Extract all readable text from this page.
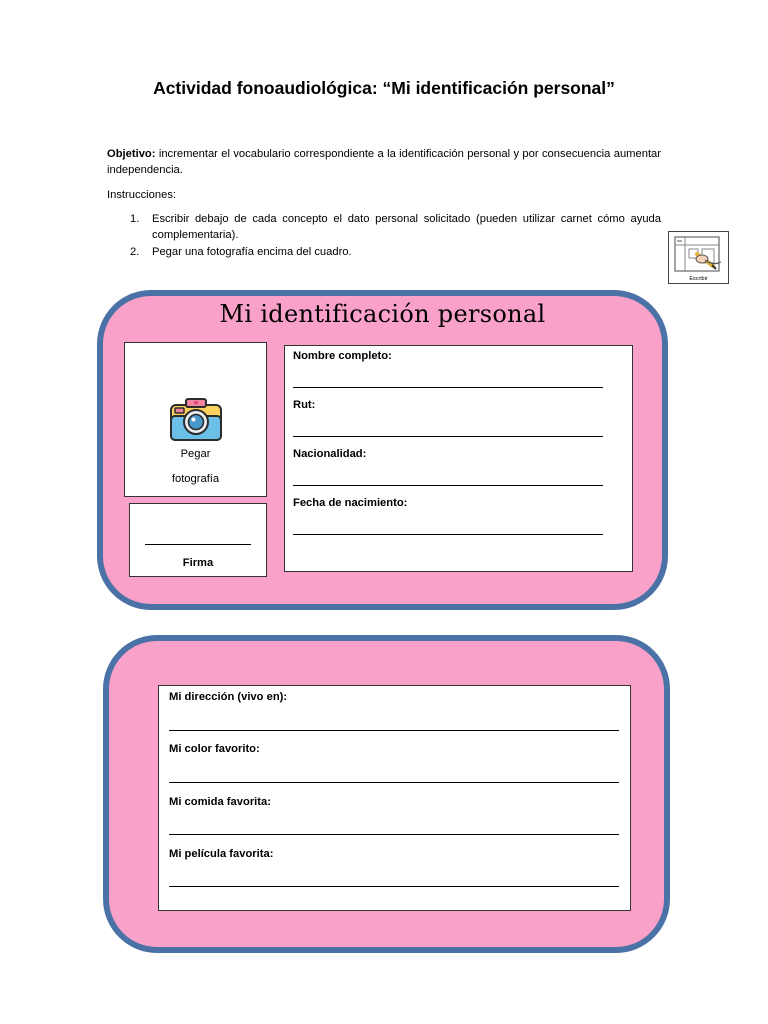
Actividad fonoaudiológica: “Mi identificación personal”
Objetivo: incrementar el vocabulario correspondiente a la identificación personal y por consecuencia aumentar independencia.
Instrucciones:
1. Escribir debajo de cada concepto el dato personal solicitado (pueden utilizar carnet cómo ayuda complementaria).
2. Pegar una fotografía encima del cuadro.
Escribir
Mi identificación personal
Pegar
fotografía
Firma
Nombre completo:
Rut:
Nacionalidad:
Fecha de nacimiento:
Mi dirección (vivo en):
Mi color favorito:
Mi comida favorita:
Mi película favorita:
